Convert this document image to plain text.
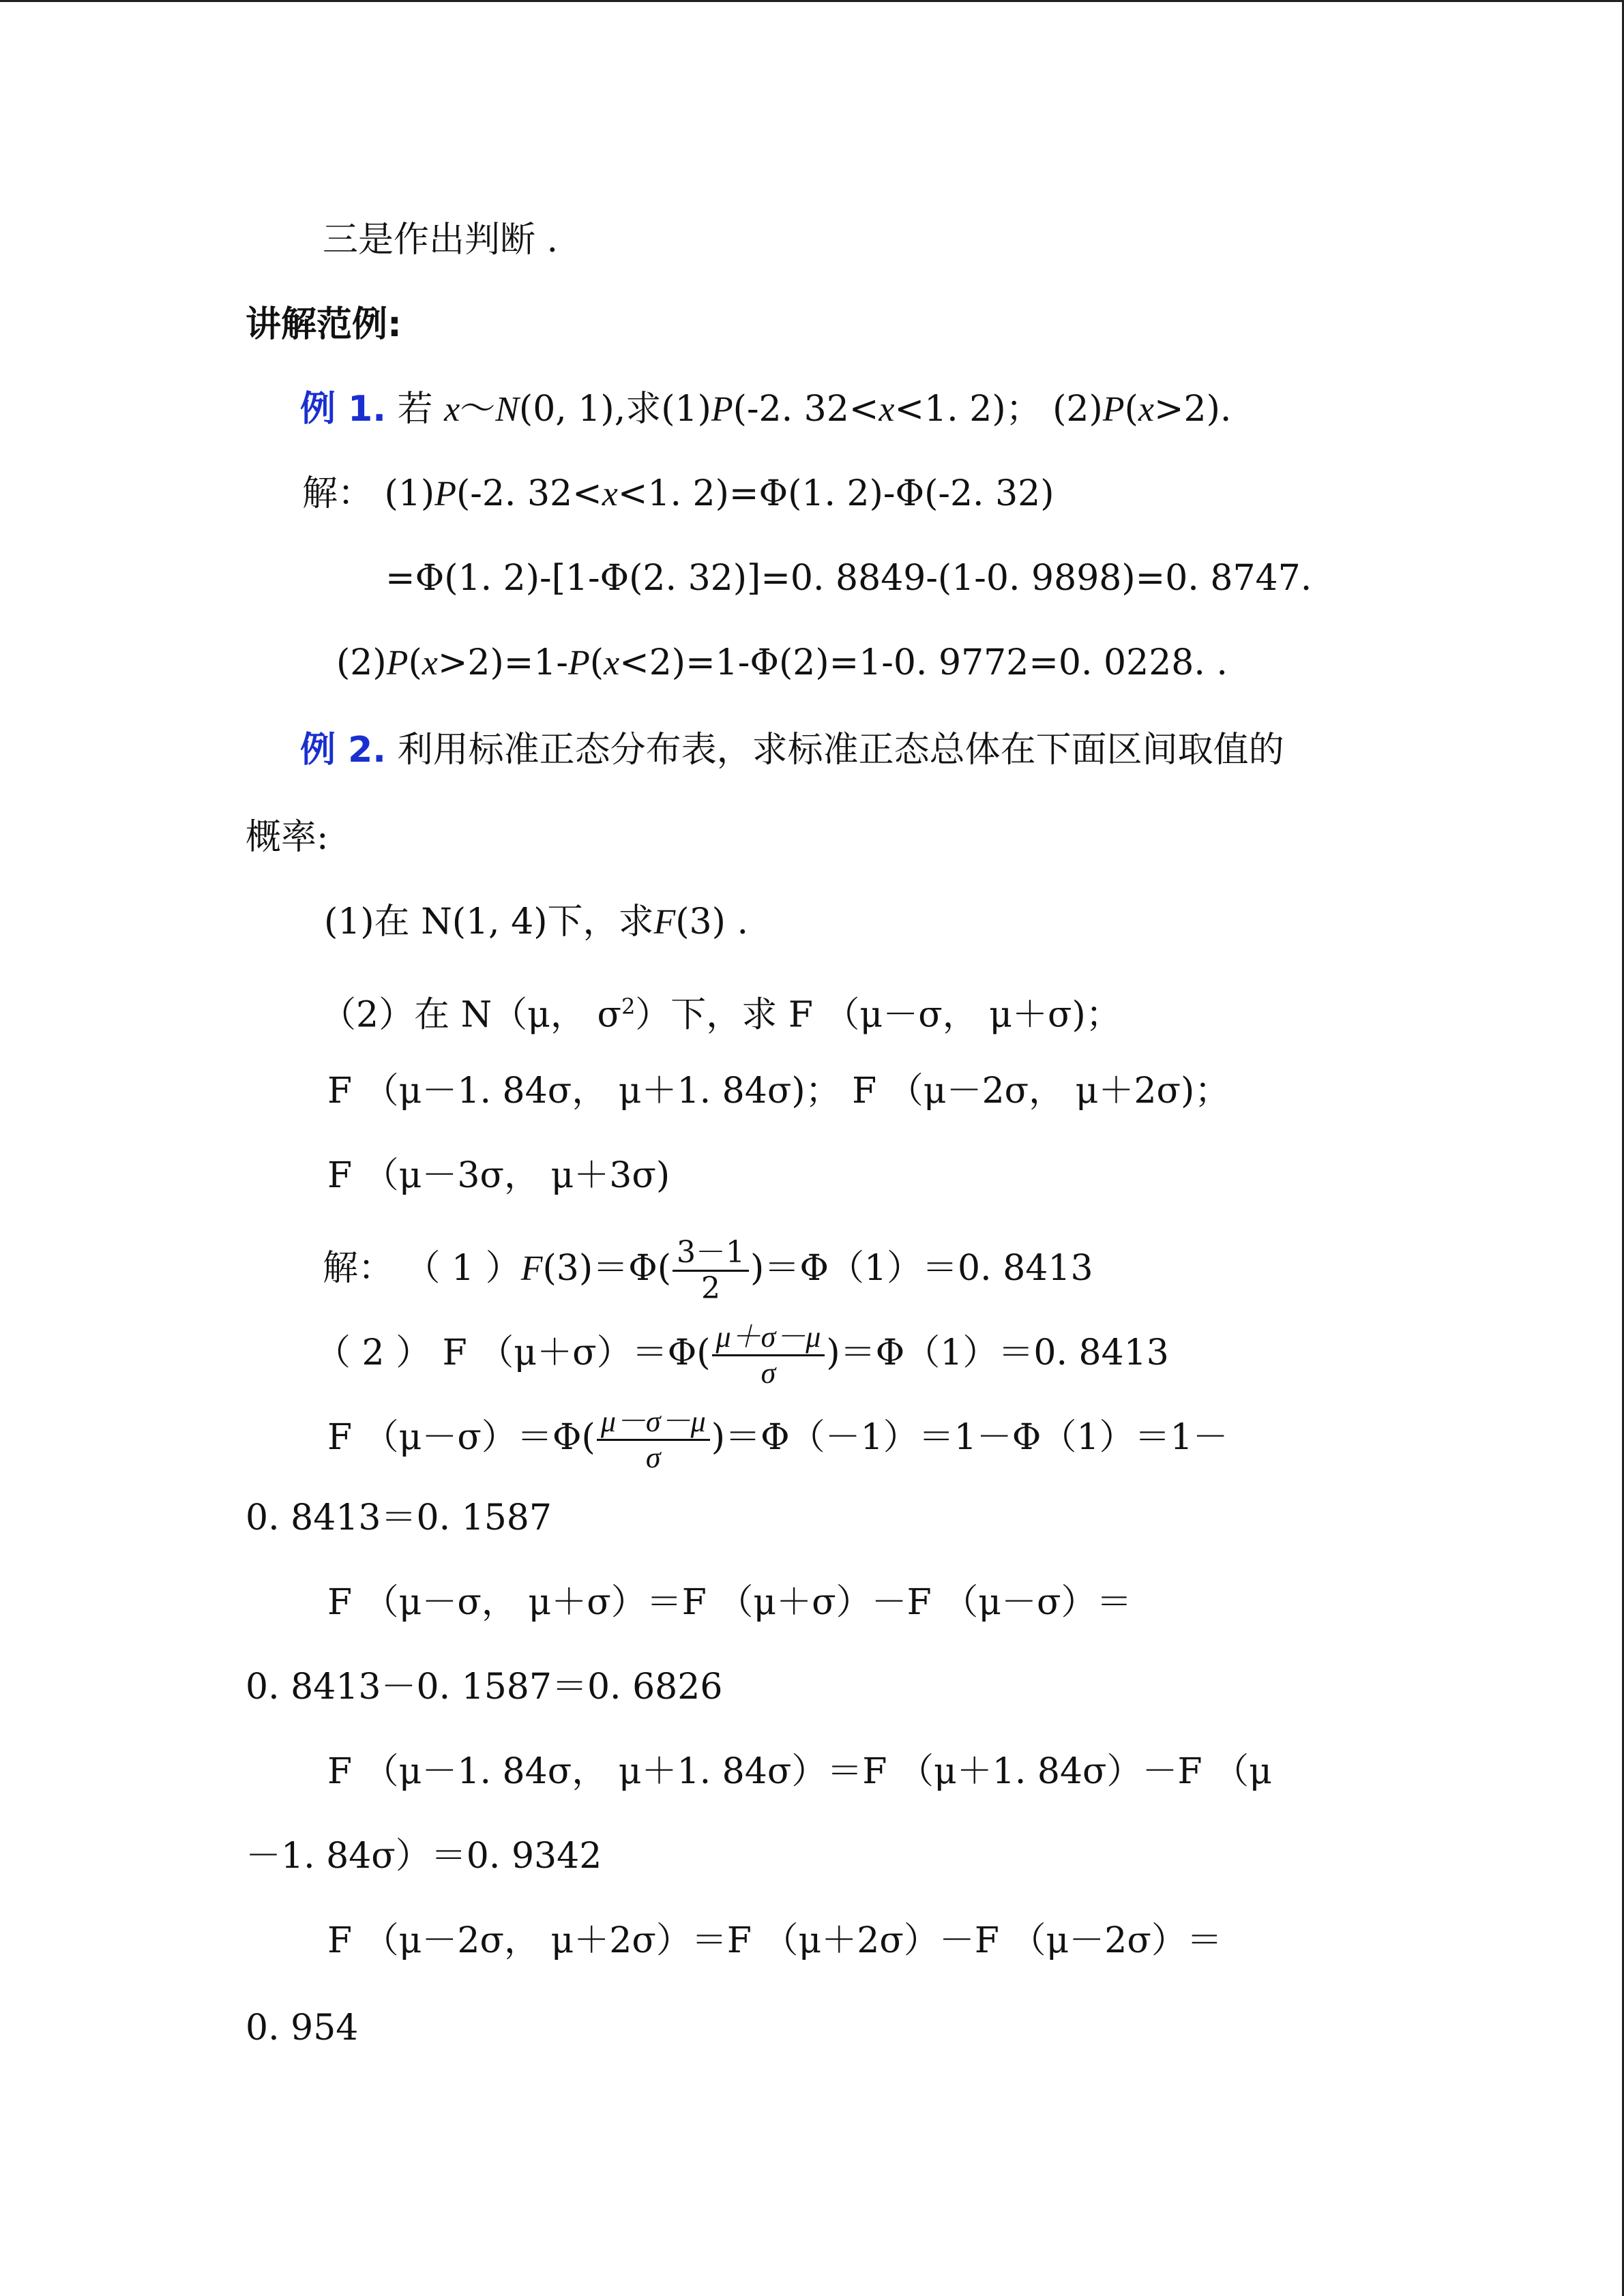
三是作出判断 .
讲解范例:
例 1. 若 x～N(0, 1),求(1)P(-2. 32<x<1. 2)； (2)P(x>2).
解： (1)P(-2. 32<x<1. 2)=Φ(1. 2)-Φ(-2. 32)
=Φ(1. 2)-[1-Φ(2. 32)]=0. 8849-(1-0. 9898)=0. 8747.
(2)P(x>2)=1-P(x<2)=1-Φ(2)=1-0. 9772=0. 0228. .
例 2. 利用标准正态分布表，求标准正态总体在下面区间取值的
概率:
(1)在 N(1, 4)下，求F(3) .
（2）在 N（μ， $\sigma^2$）下，求 F （μ－σ， μ＋σ)；
F （μ－1. 84σ， μ＋1. 84σ)； F （μ－2σ， μ＋2σ)；
F （μ－3σ， μ＋3σ)
解： （ 1 ）$F(3)=\Phi( \frac{3-1}{2} )=\Phi(1)=0$. 8413
（ 2 ） F $(\mu+\sigma)=\Phi( \frac{\mu+\sigma-\mu}{\sigma} )=\Phi(1)=0$. 8413
F $(\mu-\sigma)=\Phi( \frac{\mu-\sigma-\mu}{\sigma} )=\Phi(-1)=1-\Phi(1)=1-$
0. 8413＝0. 1587
F （μ－σ， μ＋σ）＝F （μ＋σ）－F （μ－σ）＝
0. 8413－0. 1587＝0. 6826
F （μ－1. 84σ， μ＋1. 84σ）＝F （μ＋1. 84σ）－F （μ
－1. 84σ）＝0. 9342
F （μ－2σ， μ＋2σ）＝F （μ＋2σ）－F （μ－2σ）＝
0. 954
